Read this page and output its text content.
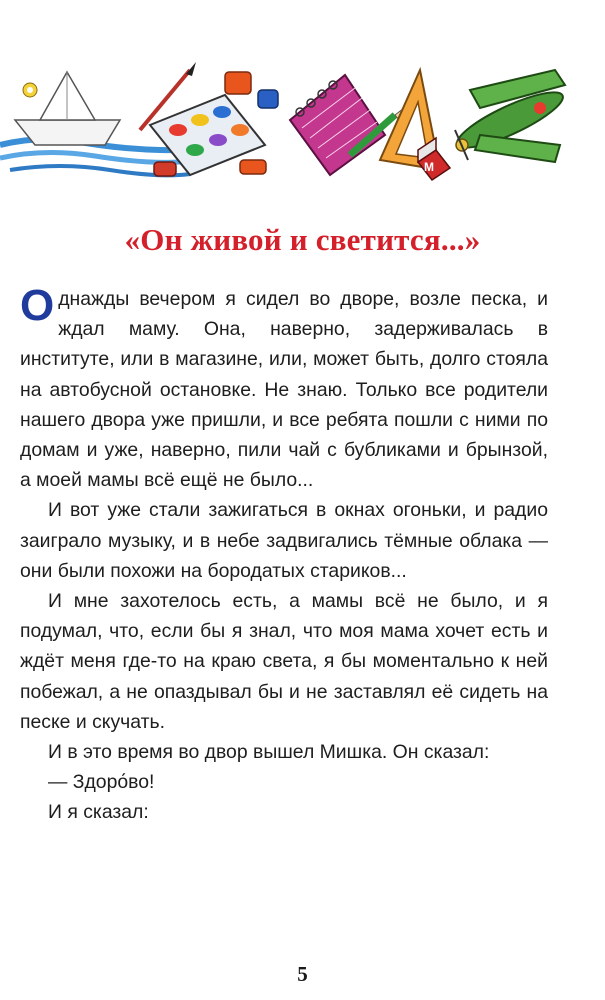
М
«Он живой и светится...»

Однажды вечером я сидел во дворе, возле песка, и ждал маму. Она, наверно, задерживалась в институте, или в магазине, или, может быть, долго стояла на автобусной остановке. Не знаю. Только все родители нашего двора уже пришли, и все ребята пошли с ними по домам и уже, наверно, пили чай с бубликами и брынзой, а моей мамы всё ещё не было...

И вот уже стали зажигаться в окнах огоньки, и радио заиграло музыку, и в небе задвигались тёмные облака — они были похожи на бородатых стариков...

И мне захотелось есть, а мамы всё не было, и я подумал, что, если бы я знал, что моя мама хочет есть и ждёт меня где-то на краю света, я бы моментально к ней побежал, а не опаздывал бы и не заставлял её сидеть на песке и скучать.

И в это время во двор вышел Мишка. Он сказал:

— Здоро́во!

И я сказал:

5
